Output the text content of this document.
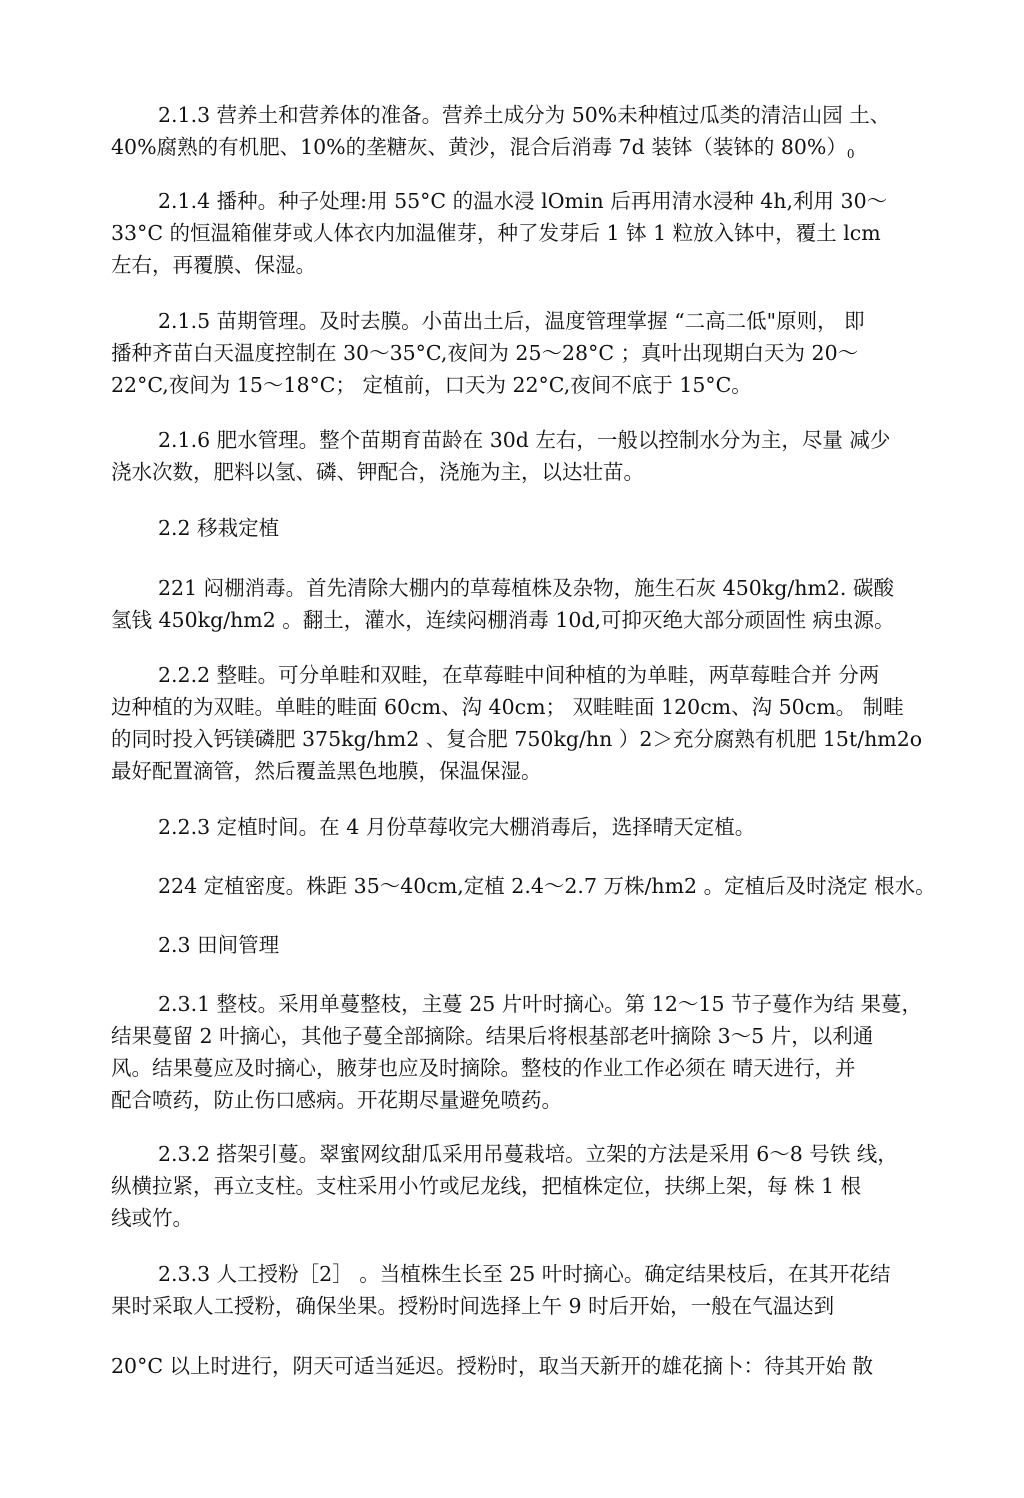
2.1.3 营养土和营养体的准备。营养土成分为 50%未种植过瓜类的清洁山园 土、
40%腐熟的有机肥、10%的垄糖灰、黄沙，混合后消毒 7d 装钵（装钵的 $80\%)_0$

2.1.4 播种。种子处理:用 55°C 的温水浸 lOmin 后再用清水浸种 4h,利用 30～
33°C 的恒温箱催芽或人体衣内加温催芽，种了发芽后 1 钵 1 粒放入钵中，覆土 lcm
左右，再覆膜、保湿。

2.1.5 苗期管理。及时去膜。小苗出土后，温度管理掌握 “二高二低"原则， 即
播种齐苗白天温度控制在 30～35°C,夜间为 25～28°C ；真叶出现期白天为 20～
22°C,夜间为 15～18°C； 定植前，口天为 22°C,夜间不底于 15°C。

2.1.6 肥水管理。整个苗期育苗龄在 30d 左右，一般以控制水分为主，尽量 减少
浇水次数，肥料以氢、磷、钾配合，浇施为主，以达壮苗。

2.2 移栽定植

221 闷棚消毒。首先清除大棚内的草莓植株及杂物，施生石灰 450kg/hm2. 碳酸
氢钱 450kg/hm2 。翻土，灌水，连续闷棚消毒 10d,可抑灭绝大部分顽固性 病虫源。

2.2.2 整畦。可分单畦和双畦，在草莓畦中间种植的为单畦，两草莓畦合并 分两
边种植的为双畦。单畦的畦面 60cm、沟 40cm； 双畦畦面 120cm、沟 50cm。 制畦
的同时投入钙镁磷肥 375kg/hm2 、复合肥 750kg/hn ）2＞充分腐熟有机肥 15t/hm2o
最好配置滴管，然后覆盖黑色地膜，保温保湿。

2.2.3 定植时间。在 4 月份草莓收完大棚消毒后，选择晴天定植。

224 定植密度。株距 35～40cm,定植 2.4～2.7 万株/hm2 。定植后及时浇定 根水。

2.3 田间管理

2.3.1 整枝。采用单蔓整枝，主蔓 25 片叶时摘心。第 12～15 节子蔓作为结 果蔓，
结果蔓留 2 叶摘心，其他子蔓全部摘除。结果后将根基部老叶摘除 3～5 片，以利通
风。结果蔓应及时摘心，腋芽也应及时摘除。整枝的作业工作必须在 晴天进行，并
配合喷药，防止伤口感病。开花期尽量避免喷药。

2.3.2 搭架引蔓。翠蜜网纹甜瓜采用吊蔓栽培。立架的方法是采用 6～8 号铁 线，
纵横拉紧，再立支柱。支柱采用小竹或尼龙线，把植株定位，扶绑上架，每 株 1 根
线或竹。

2.3.3 人工授粉［2］ 。当植株生长至 25 叶时摘心。确定结果枝后，在其开花结
果时采取人工授粉，确保坐果。授粉时间选择上午 9 时后开始，一般在气温达到

20°C 以上时进行，阴天可适当延迟。授粉时，取当天新开的雄花摘卜：待其开始 散
